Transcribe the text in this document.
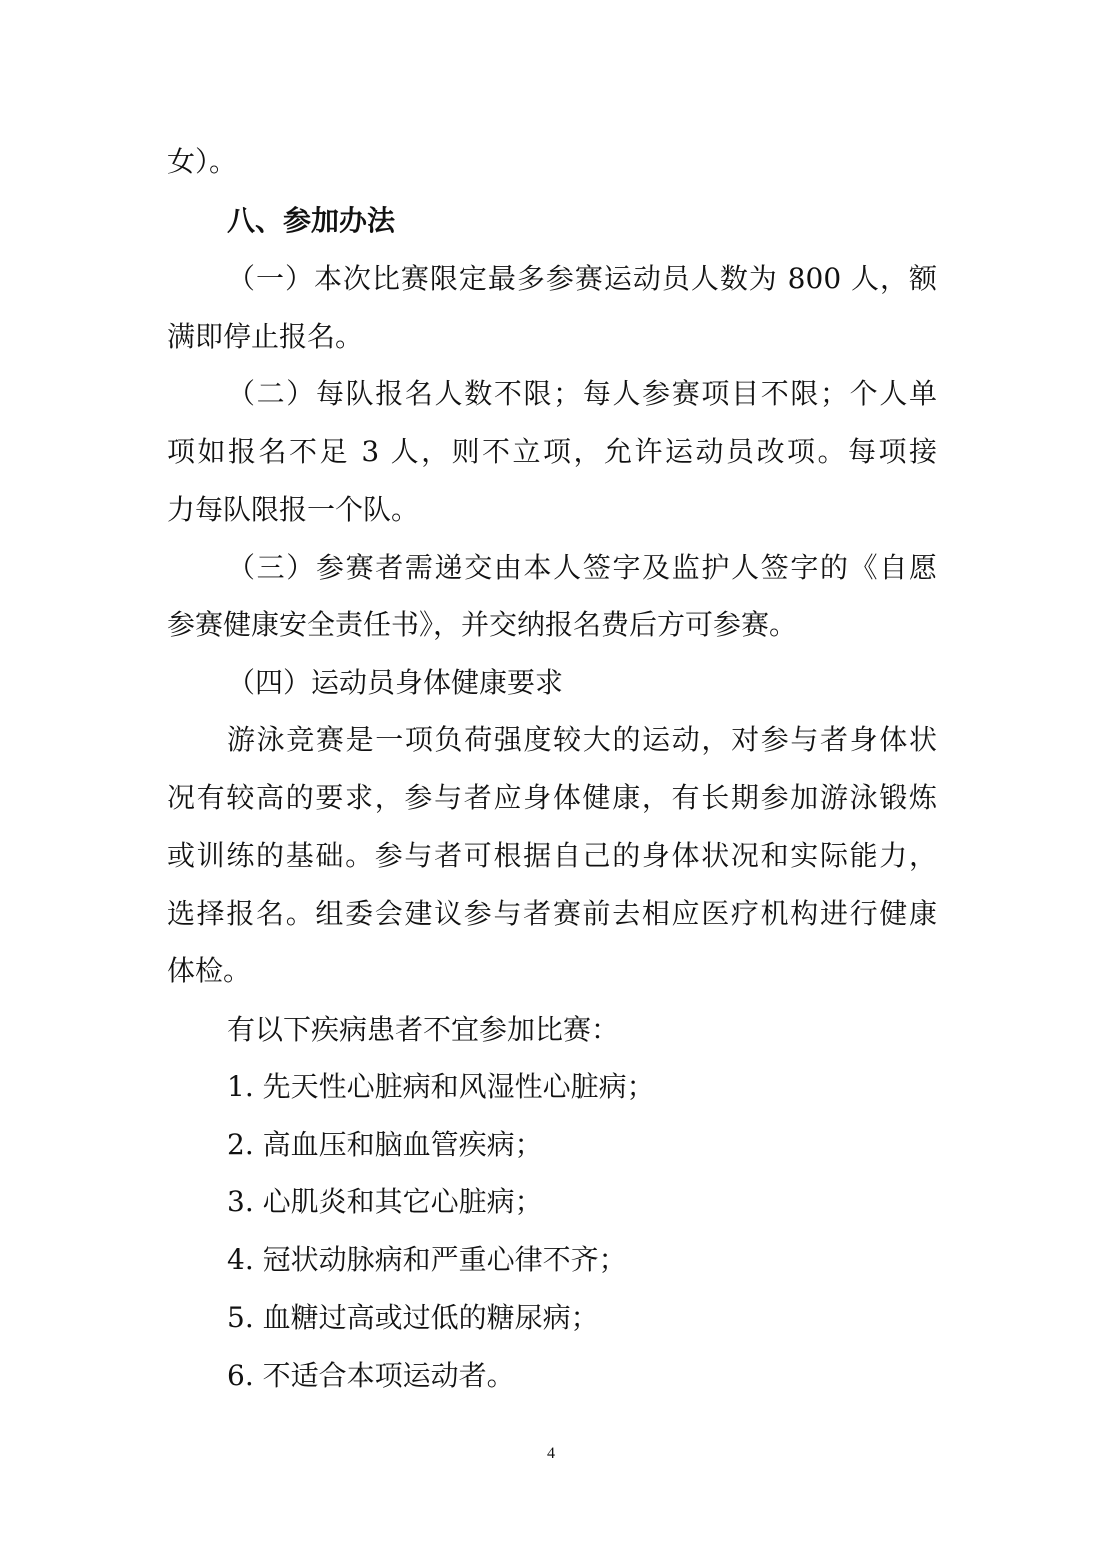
女）。
八、参加办法
（一）本次比赛限定最多参赛运动员人数为 800 人，额
满即停止报名。
（二）每队报名人数不限；每人参赛项目不限；个人单
项如报名不足 3 人，则不立项，允许运动员改项。每项接
力每队限报一个队。
（三）参赛者需递交由本人签字及监护人签字的《自愿
参赛健康安全责任书》，并交纳报名费后方可参赛。
（四）运动员身体健康要求
游泳竞赛是一项负荷强度较大的运动，对参与者身体状
况有较高的要求，参与者应身体健康，有长期参加游泳锻炼
或训练的基础。参与者可根据自己的身体状况和实际能力，
选择报名。组委会建议参与者赛前去相应医疗机构进行健康
体检。
有以下疾病患者不宜参加比赛：
1. 先天性心脏病和风湿性心脏病；
2. 高血压和脑血管疾病；
3. 心肌炎和其它心脏病；
4. 冠状动脉病和严重心律不齐；
5. 血糖过高或过低的糖尿病；
6. 不适合本项运动者。
4
